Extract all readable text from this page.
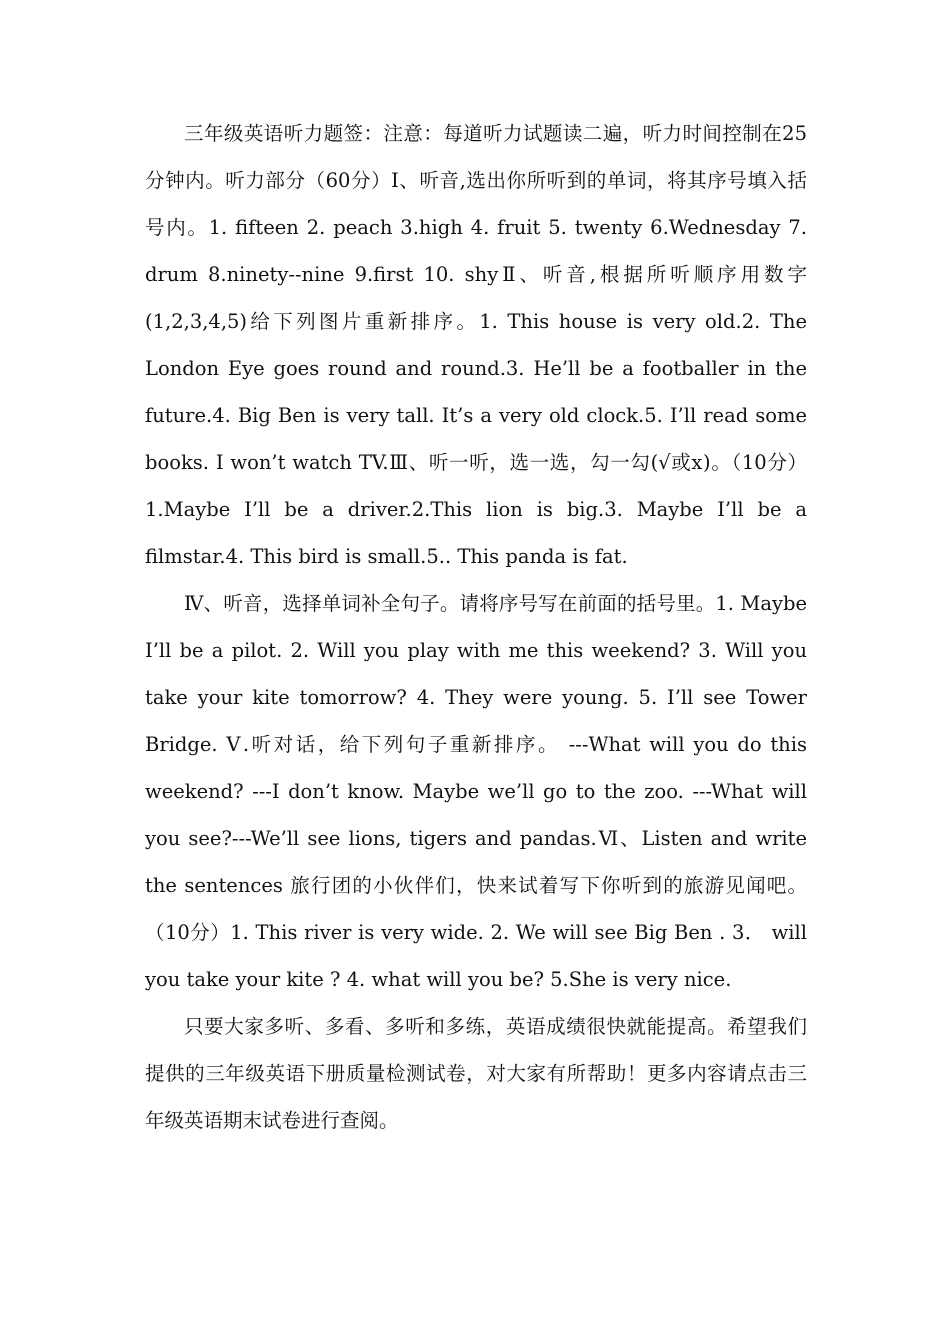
三年级英语听力题签：注意：每道听力试题读二遍，听力时间控制在25分钟内。听力部分（60分）Ⅰ、听音,选出你所听到的单词，将其序号填入括号内。1. fifteen 2. peach 3.high 4. fruit 5. twenty 6.Wednesday 7. drum 8.ninety--nine 9.first 10. shyⅡ、听音,根据所听顺序用数字(1,2,3,4,5)给下列图片重新排序。1. This house is very old.2. The London Eye goes round and round.3. He’ll be a footballer in the future.4. Big Ben is very tall. It’s a very old clock.5. I’ll read some books. I won’t watch TV.Ⅲ、听一听，选一选，勾一勾(√或ⅹ)。（10分）1.Maybe I’ll be a driver.2.This lion is big.3. Maybe I’ll be a filmstar.4. This bird is small.5.. This panda is fat.

Ⅳ、听音，选择单词补全句子。请将序号写在前面的括号里。1. Maybe I’ll be a pilot. 2. Will you play with me this weekend? 3. Will you take your kite tomorrow? 4. They were young. 5. I’ll see Tower Bridge. Ⅴ.听对话，给下列句子重新排序。 ---What will you do this weekend? ---I don’t know. Maybe we’ll go to the zoo. ---What will you see?---We’ll see lions, tigers and pandas.Ⅵ、Listen and write the sentences 旅行团的小伙伴们，快来试着写下你听到的旅游见闻吧。（10分）1. This river is very wide. 2. We will see Big Ben . 3． will you take your kite ? 4. what will you be? 5.She is very nice.

只要大家多听、多看、多听和多练，英语成绩很快就能提高。希望我们提供的三年级英语下册质量检测试卷，对大家有所帮助！更多内容请点击三年级英语期末试卷进行查阅。
